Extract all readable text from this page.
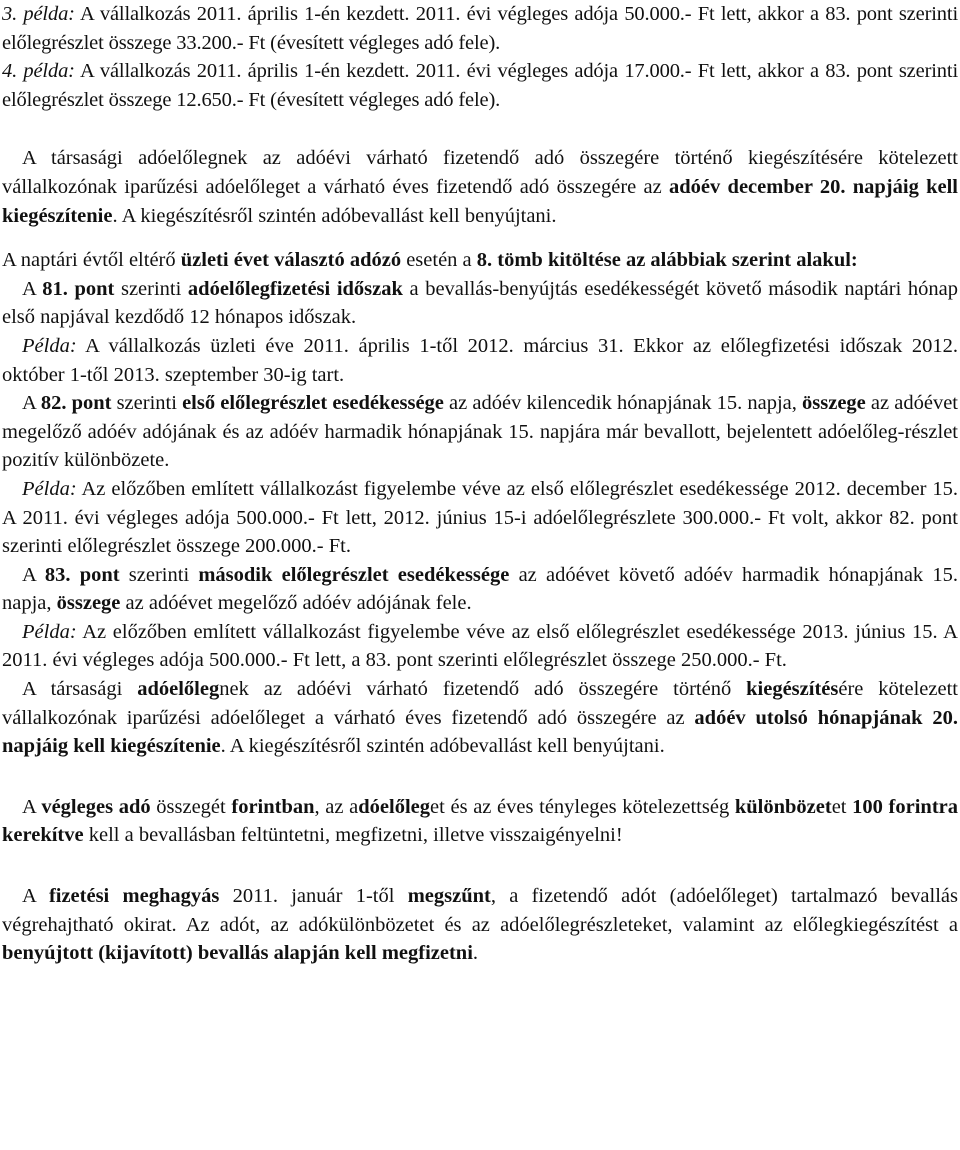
3. példa: A vállalkozás 2011. április 1-én kezdett. 2011. évi végleges adója 50.000.- Ft lett, akkor a 83. pont szerinti előlegrészlet összege 33.200.- Ft (évesített végleges adó fele).

4. példa: A vállalkozás 2011. április 1-én kezdett. 2011. évi végleges adója 17.000.- Ft lett, akkor a 83. pont szerinti előlegrészlet összege 12.650.- Ft (évesített végleges adó fele).

A társasági adóelőlegnek az adóévi várható fizetendő adó összegére történő kiegészítésére kötelezett vállalkozónak iparűzési adóelőleget a várható éves fizetendő adó összegére az adóév december 20. napjáig kell kiegészítenie. A kiegészítésről szintén adóbevallást kell benyújtani.

A naptári évtől eltérő üzleti évet választó adózó esetén a 8. tömb kitöltése az alábbiak szerint alakul:

A 81. pont szerinti adóelőlegfizetési időszak a bevallás-benyújtás esedékességét követő második naptári hónap első napjával kezdődő 12 hónapos időszak.

Példa: A vállalkozás üzleti éve 2011. április 1-től 2012. március 31. Ekkor az előlegfizetési időszak 2012. október 1-től 2013. szeptember 30-ig tart.

A 82. pont szerinti első előlegrészlet esedékessége az adóév kilencedik hónapjának 15. napja, összege az adóévet megelőző adóév adójának és az adóév harmadik hónapjának 15. napjára már bevallott, bejelentett adóelőleg-részlet pozitív különbözete.

Példa: Az előzőben említett vállalkozást figyelembe véve az első előlegrészlet esedékessége 2012. december 15. A 2011. évi végleges adója 500.000.- Ft lett, 2012. június 15-i adóelőlegrészlete 300.000.- Ft volt, akkor 82. pont szerinti előlegrészlet összege 200.000.- Ft.

A 83. pont szerinti második előlegrészlet esedékessége az adóévet követő adóév harmadik hónapjának 15. napja, összege az adóévet megelőző adóév adójának fele.

Példa: Az előzőben említett vállalkozást figyelembe véve az első előlegrészlet esedékessége 2013. június 15. A 2011. évi végleges adója 500.000.- Ft lett, a 83. pont szerinti előlegrészlet összege 250.000.- Ft.

A társasági adóelőlegnek az adóévi várható fizetendő adó összegére történő kiegészítésére kötelezett vállalkozónak iparűzési adóelőleget a várható éves fizetendő adó összegére az adóév utolsó hónapjának 20. napjáig kell kiegészítenie. A kiegészítésről szintén adóbevallást kell benyújtani.

A végleges adó összegét forintban, az adóelőleget és az éves tényleges kötelezettség különbözetet 100 forintra kerekítve kell a bevallásban feltüntetni, megfizetni, illetve visszaigényelni!

A fizetési meghagyás 2011. január 1-től megszűnt, a fizetendő adót (adóelőleget) tartalmazó bevallás végrehajtható okirat. Az adót, az adókülönbözetet és az adóelőlegrészleteket, valamint az előlegkiegészítést a benyújtott (kijavított) bevallás alapján kell megfizetni.
